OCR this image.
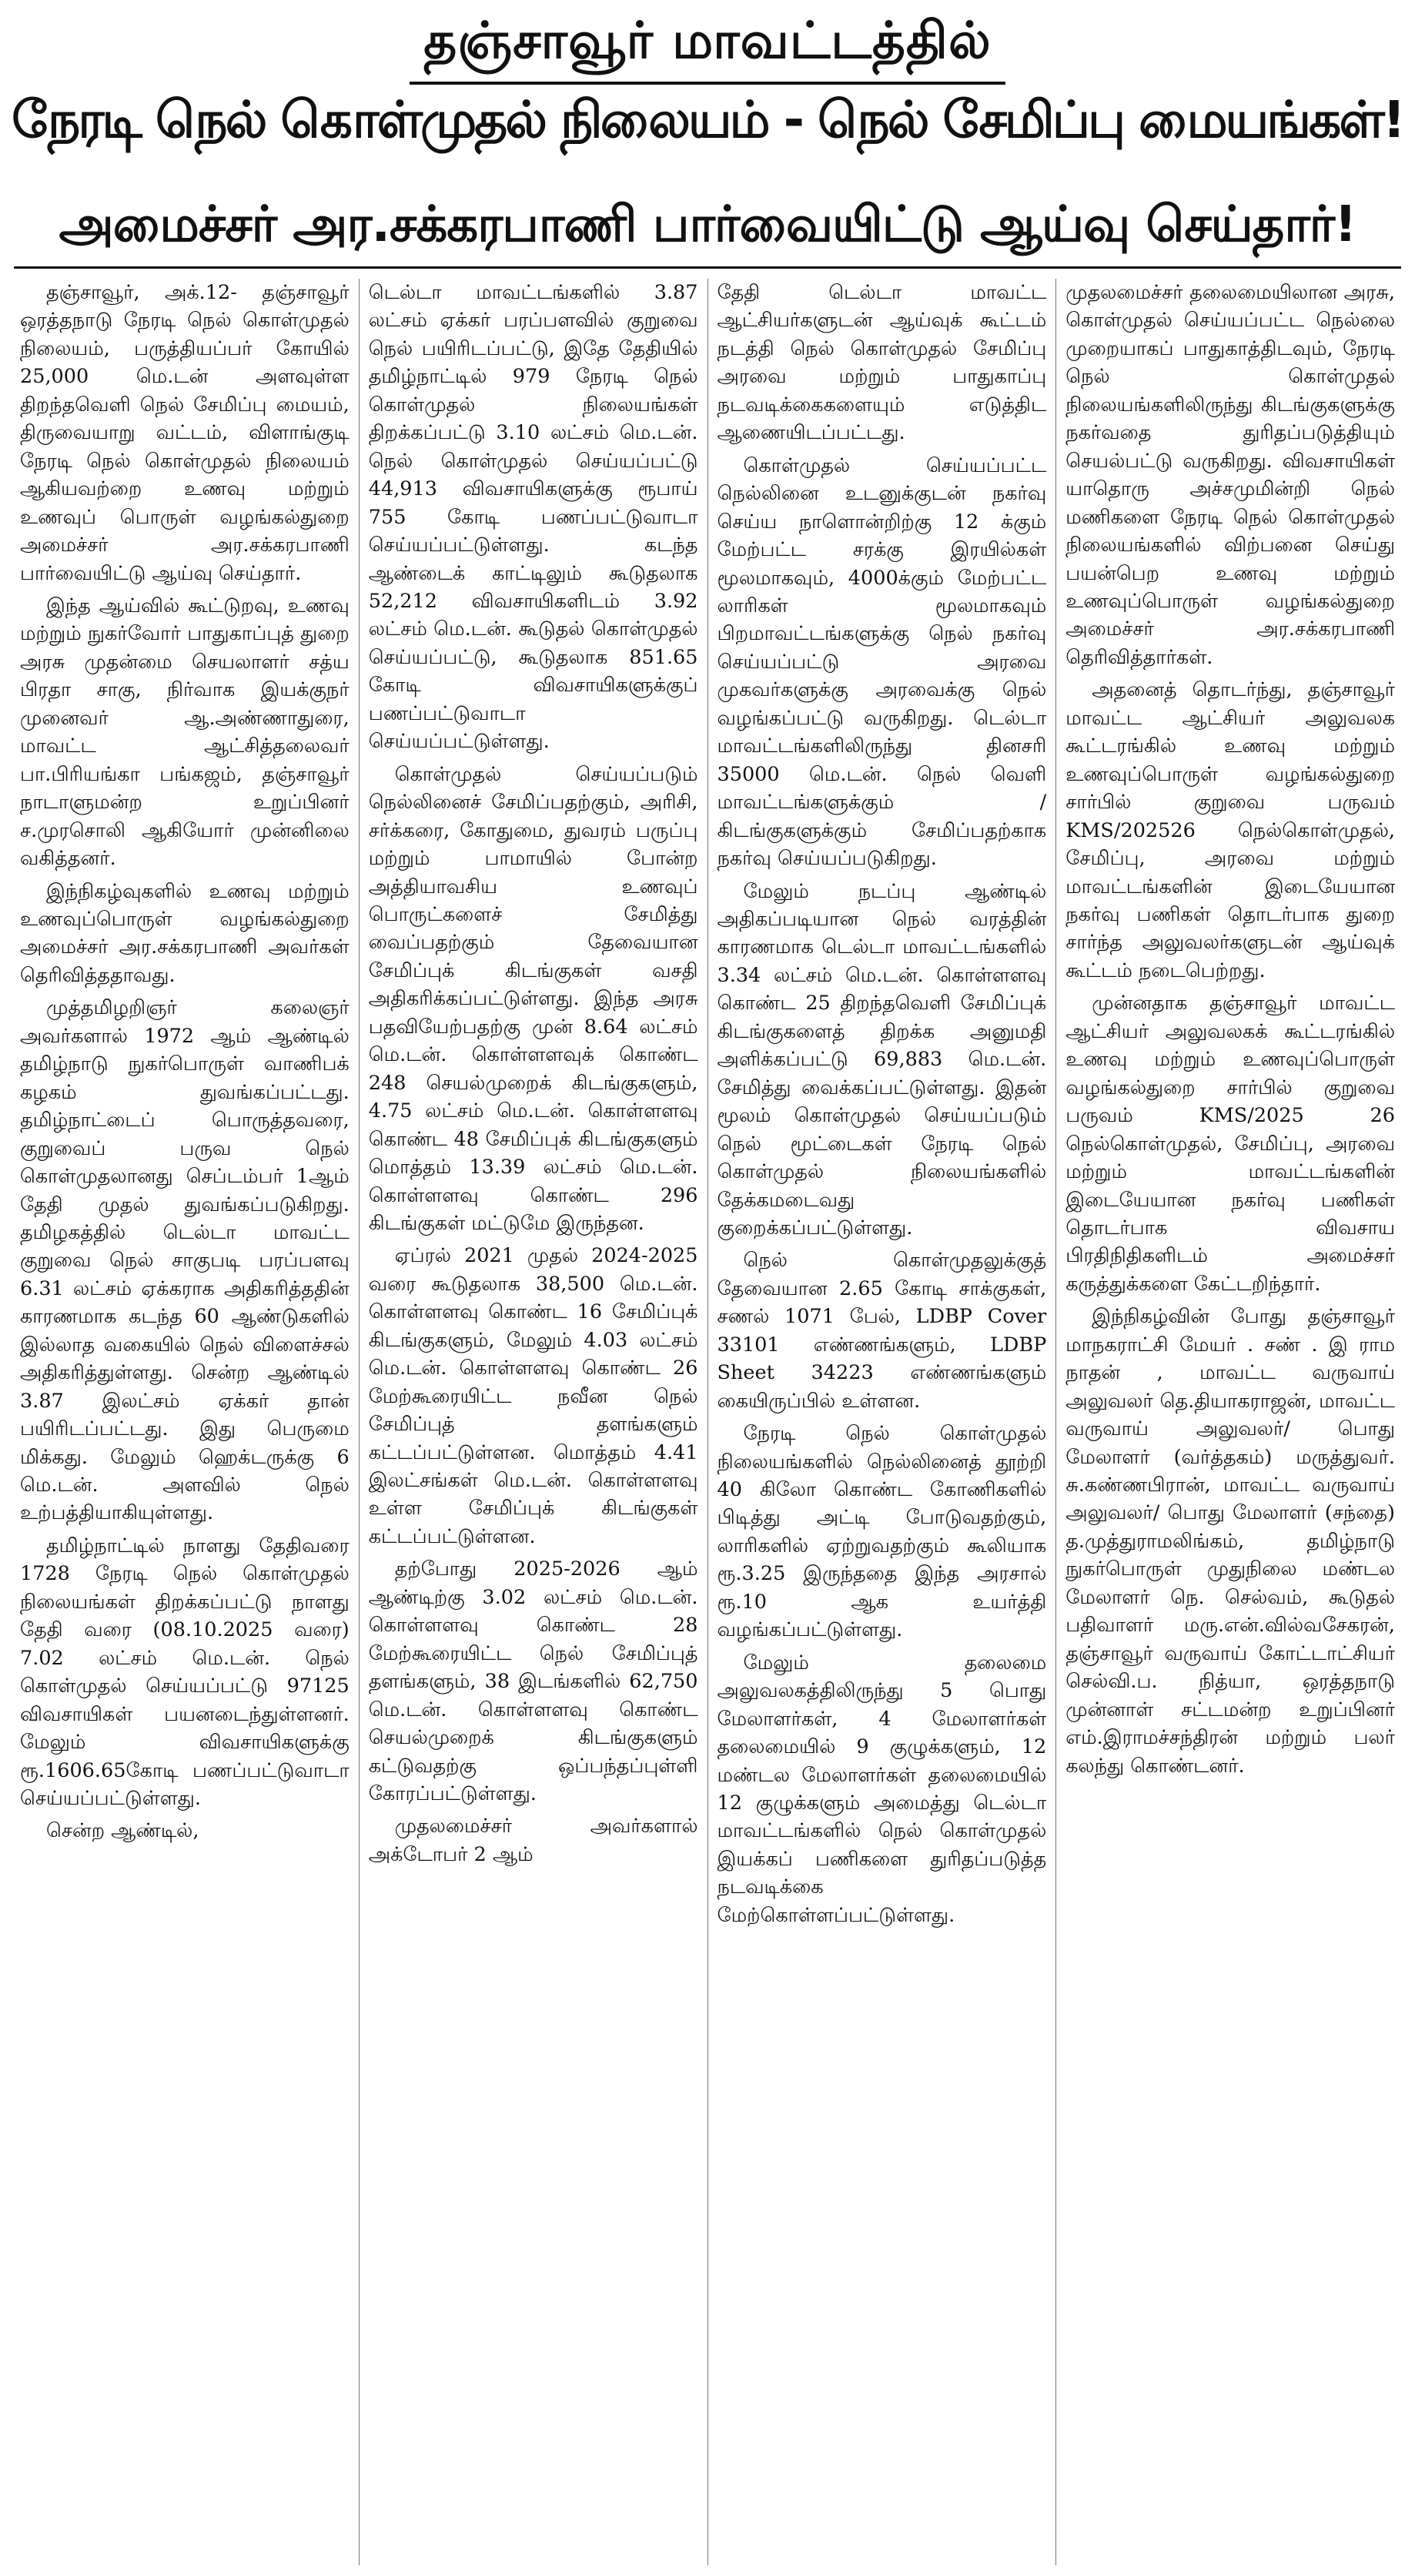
தஞ்சாவூர் மாவட்டத்தில்
நேரடி நெல் கொள்முதல் நிலையம் - நெல் சேமிப்பு மையங்கள்!
அமைச்சர் அர.சக்கரபாணி பார்வையிட்டு ஆய்வு செய்தார்!

தஞ்சாவூர், அக்.12- தஞ்சாவூர் ஒரத்தநாடு நேரடி நெல் கொள்முதல் நிலையம், பருத்தியப்பர் கோயில் 25,000 மெ.டன் அளவுள்ள திறந்தவெளி நெல் சேமிப்பு மையம், திருவையாறு வட்டம், விளாங்குடி நேரடி நெல் கொள்முதல் நிலையம் ஆகியவற்றை உணவு மற்றும் உணவுப் பொருள் வழங்கல்துறை அமைச்சர் அர.சக்கரபாணி பார்வையிட்டு ஆய்வு செய்தார்.

இந்த ஆய்வில் கூட்டுறவு, உணவு மற்றும் நுகர்வோர் பாதுகாப்புத் துறை அரசு முதன்மை செயலாளர் சத்ய பிரதா சாகு, நிர்வாக இயக்குநர் முனைவர் ஆ.அண்ணாதுரை, மாவட்ட ஆட்சித்தலைவர் பா.பிரியங்கா பங்கஜம், தஞ்சாவூர் நாடாளுமன்ற உறுப்பினர் ச.முரசொலி ஆகியோர் முன்னிலை வகித்தனர்.

இந்நிகழ்வுகளில் உணவு மற்றும் உணவுப்பொருள் வழங்கல்துறை அமைச்சர் அர.சக்கரபாணி அவர்கள் தெரிவித்ததாவது.

முத்தமிழறிஞர் கலைஞர் அவர்களால் 1972 ஆம் ஆண்டில் தமிழ்நாடு நுகர்பொருள் வாணிபக் கழகம் துவங்கப்பட்டது. தமிழ்நாட்டைப் பொருத்தவரை, குறுவைப் பருவ நெல் கொள்முதலானது செப்டம்பர் 1ஆம் தேதி முதல் துவங்கப்படுகிறது. தமிழகத்தில் டெல்டா மாவட்ட குறுவை நெல் சாகுபடி பரப்பளவு 6.31 லட்சம் ஏக்கராக அதிகரித்ததின் காரணமாக கடந்த 60 ஆண்டுகளில் இல்லாத வகையில் நெல் விளைச்சல் அதிகரித்துள்ளது. சென்ற ஆண்டில் 3.87 இலட்சம் ஏக்கர் தான் பயிரிடப்பட்டது. இது பெருமை மிக்கது. மேலும் ஹெக்டருக்கு 6 மெ.டன். அளவில் நெல் உற்பத்தியாகியுள்ளது.

தமிழ்நாட்டில் நாளது தேதிவரை 1728 நேரடி நெல் கொள்முதல் நிலையங்கள் திறக்கப்பட்டு நாளது தேதி வரை (08.10.2025 வரை) 7.02 லட்சம் மெ.டன். நெல் கொள்முதல் செய்யப்பட்டு 97125 விவசாயிகள் பயனடைந்துள்ளனர். மேலும் விவசாயிகளுக்கு ரூ.1606.65கோடி பணப்பட்டுவாடா செய்யப்பட்டுள்ளது.

சென்ற ஆண்டில்,

டெல்டா மாவட்டங்களில் 3.87 லட்சம் ஏக்கர் பரப்பளவில் குறுவை நெல் பயிரிடப்பட்டு, இதே தேதியில் தமிழ்நாட்டில் 979 நேரடி நெல் கொள்முதல் நிலையங்கள் திறக்கப்பட்டு 3.10 லட்சம் மெ.டன். நெல் கொள்முதல் செய்யப்பட்டு 44,913 விவசாயிகளுக்கு ரூபாய் 755 கோடி பணப்பட்டுவாடா செய்யப்பட்டுள்ளது. கடந்த ஆண்டைக் காட்டிலும் கூடுதலாக 52,212 விவசாயிகளிடம் 3.92 லட்சம் மெ.டன். கூடுதல் கொள்முதல் செய்யப்பட்டு, கூடுதலாக 851.65 கோடி விவசாயிகளுக்குப் பணப்பட்டுவாடா செய்யப்பட்டுள்ளது.

கொள்முதல் செய்யப்படும் நெல்லினைச் சேமிப்பதற்கும், அரிசி, சர்க்கரை, கோதுமை, துவரம் பருப்பு மற்றும் பாமாயில் போன்ற அத்தியாவசிய உணவுப் பொருட்களைச் சேமித்து வைப்பதற்கும் தேவையான சேமிப்புக் கிடங்குகள் வசதி அதிகரிக்கப்பட்டுள்ளது. இந்த அரசு பதவியேற்பதற்கு முன் 8.64 லட்சம் மெ.டன். கொள்ளளவுக் கொண்ட 248 செயல்முறைக் கிடங்குகளும், 4.75 லட்சம் மெ.டன். கொள்ளளவு கொண்ட 48 சேமிப்புக் கிடங்குகளும் மொத்தம் 13.39 லட்சம் மெ.டன். கொள்ளளவு கொண்ட 296 கிடங்குகள் மட்டுமே இருந்தன.

ஏப்ரல் 2021 முதல் 2024-2025 வரை கூடுதலாக 38,500 மெ.டன். கொள்ளளவு கொண்ட 16 சேமிப்புக் கிடங்குகளும், மேலும் 4.03 லட்சம் மெ.டன். கொள்ளளவு கொண்ட 26 மேற்கூரையிட்ட நவீன நெல் சேமிப்புத் தளங்களும் கட்டப்பட்டுள்ளன. மொத்தம் 4.41 இலட்சங்கள் மெ.டன். கொள்ளளவு உள்ள சேமிப்புக் கிடங்குகள் கட்டப்பட்டுள்ளன.

தற்போது 2025-2026 ஆம் ஆண்டிற்கு 3.02 லட்சம் மெ.டன். கொள்ளளவு கொண்ட 28 மேற்கூரையிட்ட நெல் சேமிப்புத் தளங்களும், 38 இடங்களில் 62,750 மெ.டன். கொள்ளளவு கொண்ட செயல்முறைக் கிடங்குகளும் கட்டுவதற்கு ஒப்பந்தப்புள்ளி கோரப்பட்டுள்ளது.

முதலமைச்சர் அவர்களால் அக்டோபர் 2 ஆம்

தேதி டெல்டா மாவட்ட ஆட்சியர்களுடன் ஆய்வுக் கூட்டம் நடத்தி நெல் கொள்முதல் சேமிப்பு அரவை மற்றும் பாதுகாப்பு நடவடிக்கைகளையும் எடுத்திட ஆணையிடப்பட்டது.

கொள்முதல் செய்யப்பட்ட நெல்லினை உடனுக்குடன் நகர்வு செய்ய நாளொன்றிற்கு 12 க்கும் மேற்பட்ட சரக்கு இரயில்கள் மூலமாகவும், 4000க்கும் மேற்பட்ட லாரிகள் மூலமாகவும் பிறமாவட்டங்களுக்கு நெல் நகர்வு செய்யப்பட்டு அரவை முகவர்களுக்கு அரவைக்கு நெல் வழங்கப்பட்டு வருகிறது. டெல்டா மாவட்டங்களிலிருந்து தினசரி 35000 மெ.டன். நெல் வெளி மாவட்டங்களுக்கும் / கிடங்குகளுக்கும் சேமிப்பதற்காக நகர்வு செய்யப்படுகிறது.

மேலும் நடப்பு ஆண்டில் அதிகப்படியான நெல் வரத்தின் காரணமாக டெல்டா மாவட்டங்களில் 3.34 லட்சம் மெ.டன். கொள்ளளவு கொண்ட 25 திறந்தவெளி சேமிப்புக் கிடங்குகளைத் திறக்க அனுமதி அளிக்கப்பட்டு 69,883 மெ.டன். சேமித்து வைக்கப்பட்டுள்ளது. இதன் மூலம் கொள்முதல் செய்யப்படும் நெல் மூட்டைகள் நேரடி நெல் கொள்முதல் நிலையங்களில் தேக்கமடைவது குறைக்கப்பட்டுள்ளது.

நெல் கொள்முதலுக்குத் தேவையான 2.65 கோடி சாக்குகள், சணல் 1071 பேல், LDBP Cover 33101 எண்ணங்களும், LDBP Sheet 34223 எண்ணங்களும் கையிருப்பில் உள்ளன.

நேரடி நெல் கொள்முதல் நிலையங்களில் நெல்லினைத் தூற்றி 40 கிலோ கொண்ட கோணிகளில் பிடித்து அட்டி போடுவதற்கும், லாரிகளில் ஏற்றுவதற்கும் கூலியாக ரூ.3.25 இருந்ததை இந்த அரசால் ரூ.10 ஆக உயர்த்தி வழங்கப்பட்டுள்ளது.

மேலும் தலைமை அலுவலகத்திலிருந்து 5 பொது மேலாளர்கள், 4 மேலாளர்கள் தலைமையில் 9 குழுக்களும், 12 மண்டல மேலாளர்கள் தலைமையில் 12 குழுக்களும் அமைத்து டெல்டா மாவட்டங்களில் நெல் கொள்முதல் இயக்கப் பணிகளை துரிதப்படுத்த நடவடிக்கை மேற்கொள்ளப்பட்டுள்ளது.

முதலமைச்சர் தலைமையிலான அரசு, கொள்முதல் செய்யப்பட்ட நெல்லை முறையாகப் பாதுகாத்திடவும், நேரடி நெல் கொள்முதல் நிலையங்களிலிருந்து கிடங்குகளுக்கு நகர்வதை துரிதப்படுத்தியும் செயல்பட்டு வருகிறது. விவசாயிகள் யாதொரு அச்சமுமின்றி நெல் மணிகளை நேரடி நெல் கொள்முதல் நிலையங்களில் விற்பனை செய்து பயன்பெற உணவு மற்றும் உணவுப்பொருள் வழங்கல்துறை அமைச்சர் அர.சக்கரபாணி தெரிவித்தார்கள்.

அதனைத் தொடர்ந்து, தஞ்சாவூர் மாவட்ட ஆட்சியர் அலுவலக கூட்டரங்கில் உணவு மற்றும் உணவுப்பொருள் வழங்கல்துறை சார்பில் குறுவை பருவம் KMS/202526 நெல்கொள்முதல், சேமிப்பு, அரவை மற்றும் மாவட்டங்களின் இடையேயான நகர்வு பணிகள் தொடர்பாக துறை சார்ந்த அலுவலர்களுடன் ஆய்வுக் கூட்டம் நடைபெற்றது.

முன்னதாக தஞ்சாவூர் மாவட்ட ஆட்சியர் அலுவலகக் கூட்டரங்கில் உணவு மற்றும் உணவுப்பொருள் வழங்கல்துறை சார்பில் குறுவை பருவம் KMS/2025 26 நெல்கொள்முதல், சேமிப்பு, அரவை மற்றும் மாவட்டங்களின் இடையேயான நகர்வு பணிகள் தொடர்பாக விவசாய பிரதிநிதிகளிடம் அமைச்சர் கருத்துக்களை கேட்டறிந்தார்.

இந்நிகழ்வின் போது தஞ்சாவூர் மாநகராட்சி மேயர் . சண் . இ ராம நாதன் , மாவட்ட வருவாய் அலுவலர் தெ.தியாகராஜன், மாவட்ட வருவாய் அலுவலர்/ பொது மேலாளர் (வர்த்தகம்) மருத்துவர். சு.கண்ணபிரான், மாவட்ட வருவாய் அலுவலர்/ பொது மேலாளர் (சந்தை) த.முத்துராமலிங்கம், தமிழ்நாடு நுகர்பொருள் முதுநிலை மண்டல மேலாளர் நெ. செல்வம், கூடுதல் பதிவாளர் மரு.என்.வில்வசேகரன், தஞ்சாவூர் வருவாய் கோட்டாட்சியர் செல்வி.ப. நித்யா, ஒரத்தநாடு முன்னாள் சட்டமன்ற உறுப்பினர் எம்.இராமச்சந்திரன் மற்றும் பலர் கலந்து கொண்டனர்.
